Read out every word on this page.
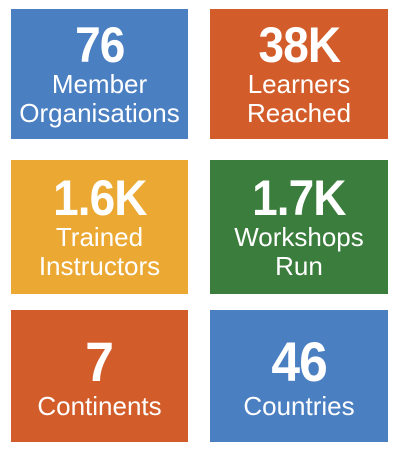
76
Member
Organisations
38K
Learners
Reached
1.6K
Trained
Instructors
1.7K
Workshops
Run
7
Continents
46
Countries
